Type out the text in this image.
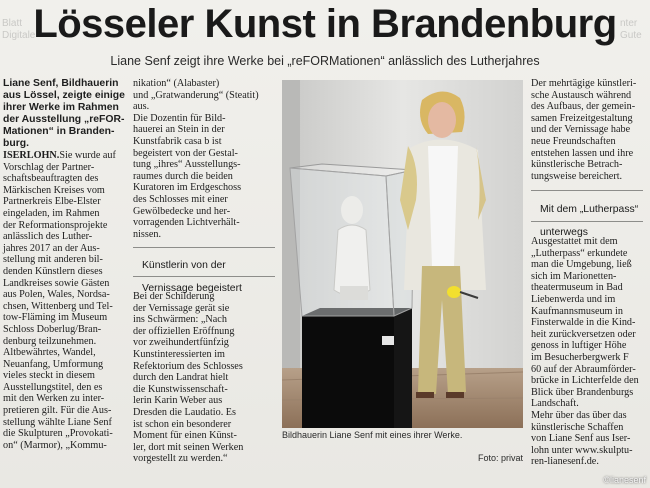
Blatt
Digitale
nter
Gute
Lösseler Kunst in Brandenburg
Liane Senf zeigt ihre Werke bei „reFORMationen“ anlässlich des Lutherjahres

Liane Senf, Bildhauerin

aus Lössel, zeigte einige

ihrer Werke im Rahmen

der Ausstellung „reFOR-

Mationen“ in Branden-

burg.

ISERLOHN.Sie wurde auf

Vorschlag der Partner-

schaftsbeauftragten des

Märkischen Kreises vom

Partnerkreis Elbe-Elster

eingeladen, im Rahmen

der Reformationsprojekte

anlässlich des Luther-

jahres 2017 an der Aus-

stellung mit anderen bil-

denden Künstlern dieses

Landkreises sowie Gästen

aus Polen, Wales, Nordsa-

chsen, Wittenberg und Tel-

tow-Fläming im Museum

Schloss Doberlug/Bran-

denburg teilzunehmen.

Altbewährtes, Wandel,

Neuanfang, Umformung

vieles steckt in diesem

Ausstellungstitel, den es

mit den Werken zu inter-

pretieren gilt. Für die Aus-

stellung wählte Liane Senf

die Skulpturen „Provokati-

on“ (Marmor), „Kommu-

nikation“ (Alabaster)

und „Gratwanderung“ (Steatit)

aus.

Die Dozentin für Bild-

hauerei an Stein in der

Kunstfabrik casa b ist

begeistert von der Gestal-

tung „ihres“ Ausstellungs-

raumes durch die beiden

Kuratoren im Erdgeschoss

des Schlosses mit einer

Gewölbedecke und her-

vorragenden Lichtverhält-

nissen.

Künstlerin von der

Vernissage begeistert

Bei der Schilderung

der Vernissage gerät sie

ins Schwärmen: „Nach

der offiziellen Eröffnung

vor zweihundertfünfzig

Kunstinteressierten im

Refektorium des Schlosses

durch den Landrat hielt

die Kunstwissenschaft-

lerin Karin Weber aus

Dresden die Laudatio. Es

ist schon ein besonderer

Moment für einen Künst-

ler, dort mit seinen Werken

vorgestellt zu werden.“

Bildhauerin Liane Senf mit eines ihrer Werke.
Foto: privat

Der mehrtägige künstleri-

sche Austausch während

des Aufbaus, der gemein-

samen Freizeitgestaltung

und der Vernissage habe

neue Freundschaften

entstehen lassen und ihre

künstlerische Betrach-

tungsweise bereichert.

Mit dem „Lutherpass“

unterwegs

Ausgestattet mit dem

„Lutherpass“ erkundete

man die Umgebung, ließ

sich im Marionetten-

theatermuseum in Bad

Liebenwerda und im

Kaufmannsmuseum in

Finsterwalde in die Kind-

heit zurückversetzen oder

genoss in luftiger Höhe

im Besucherbergwerk F

60 auf der Abraumförder-

brücke in Lichterfelde den

Blick über Brandenburgs

Landschaft.

Mehr über das über das

künstlerische Schaffen

von Liane Senf aus Iser-

lohn unter www.skulptu-

ren-lianesenf.de.

©lianesenf
